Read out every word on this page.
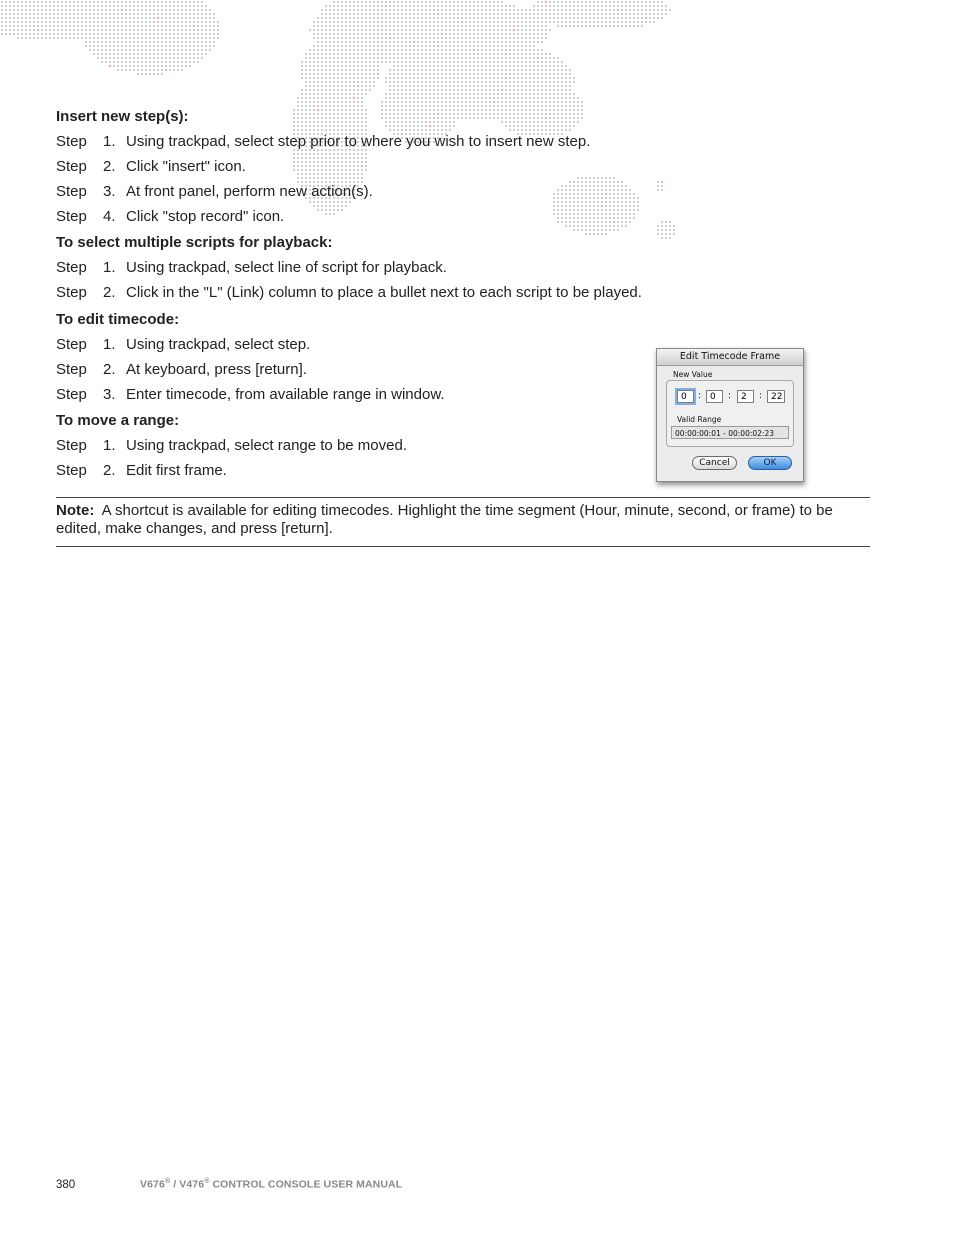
Insert new step(s):
Step 1. Using trackpad, select step prior to where you wish to insert new step.
Step 2. Click "insert" icon.
Step 3. At front panel, perform new action(s).
Step 4. Click "stop record" icon.
To select multiple scripts for playback:
Step 1. Using trackpad, select line of script for playback.
Step 2. Click in the "L" (Link) column to place a bullet next to each script to be played.
To edit timecode:
Step 1. Using trackpad, select step.
Step 2. At keyboard, press [return].
Step 3. Enter timecode, from available range in window.
To move a range:
Step 1. Using trackpad, select range to be moved.
Step 2. Edit first frame.
Edit Timecode Frame
New Value
0	: 0	:	2	: 22
Valid Range
00:00:00:01 - 00:00:02:23
Cancel	OK
Note: A shortcut is available for editing timecodes. Highlight the time segment (Hour, minute, second, or frame) to be edited, make changes, and press [return].
380	V676® / V476® CONTROL CONSOLE USER MANUAL
